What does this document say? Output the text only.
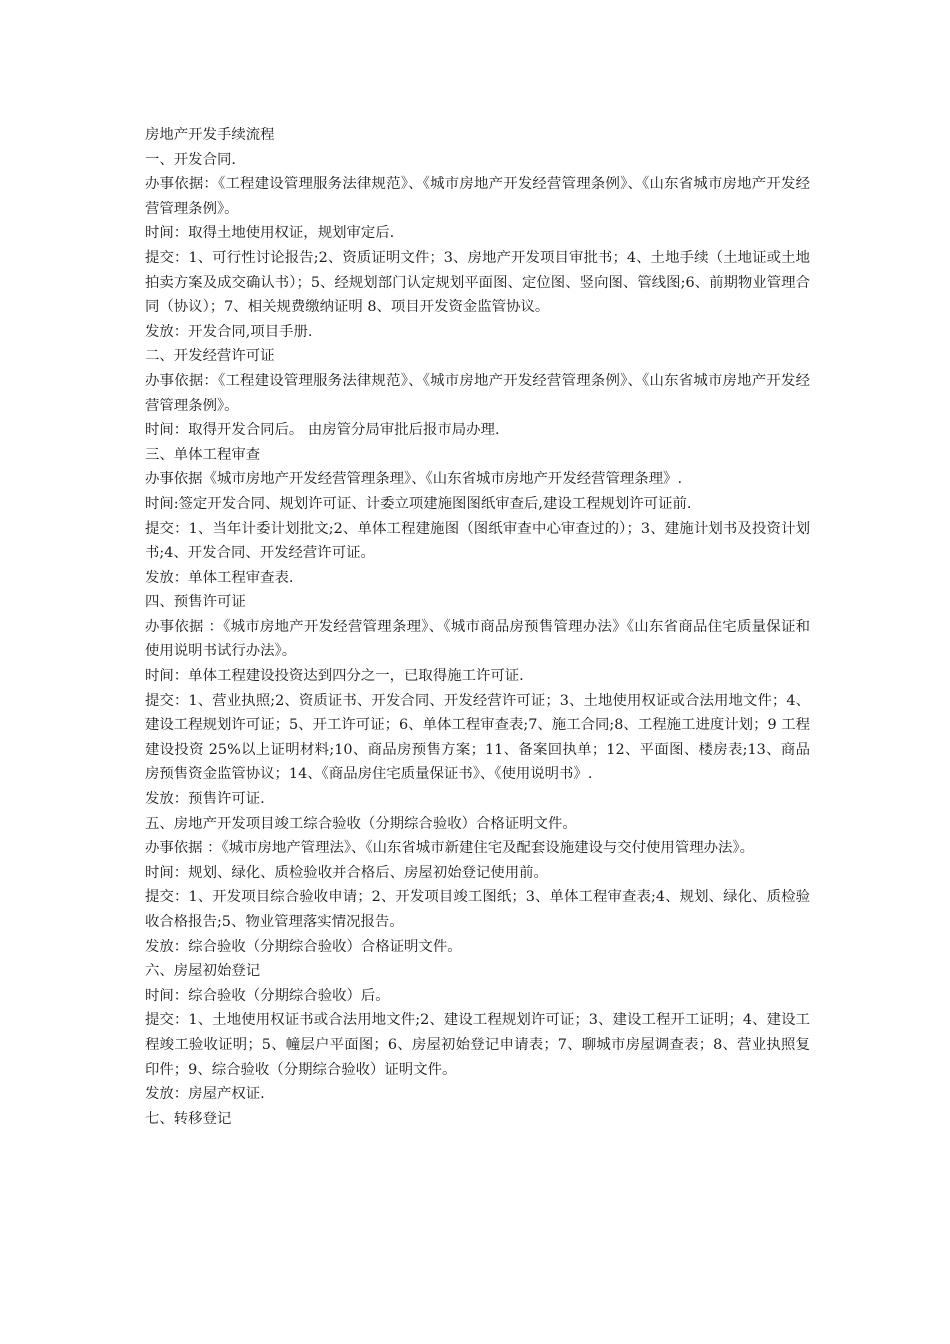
房地产开发手续流程

一、开发合同.

办事依据：《工程建设管理服务法律规范》、《城市房地产开发经营管理条例》、《山东省城市房地产开发经营管理条例》。

时间：取得土地使用权证，规划审定后.

提交：1、可行性讨论报告;2、资质证明文件；3、房地产开发项目审批书；4、土地手续（土地证或土地拍卖方案及成交确认书）；5、经规划部门认定规划平面图、定位图、竖向图、管线图;6、前期物业管理合同（协议）；7、相关规费缴纳证明 8、项目开发资金监管协议。

发放：开发合同,项目手册.

二、开发经营许可证

办事依据：《工程建设管理服务法律规范》、《城市房地产开发经营管理条例》、《山东省城市房地产开发经营管理条例》。

时间：取得开发合同后。 由房管分局审批后报市局办理.

三、单体工程审查

办事依据《城市房地产开发经营管理条理》、《山东省城市房地产开发经营管理条理》.

时间:签定开发合同、规划许可证、计委立项建施图图纸审查后,建设工程规划许可证前.

提交：1、当年计委计划批文;2、单体工程建施图（图纸审查中心审查过的）；3、建施计划书及投资计划书;4、开发合同、开发经营许可证。

发放：单体工程审查表.

四、预售许可证

办事依据 ：《城市房地产开发经营管理条理》、《城市商品房预售管理办法》《山东省商品住宅质量保证和使用说明书试行办法》。

时间：单体工程建设投资达到四分之一，已取得施工许可证.

提交：1、营业执照;2、资质证书、开发合同、开发经营许可证；3、土地使用权证或合法用地文件；4、建设工程规划许可证；5、开工许可证；6、单体工程审查表;7、施工合同;8、工程施工进度计划；9 工程建设投资 25%以上证明材料;10、商品房预售方案；11、备案回执单；12、平面图、楼房表;13、商品房预售资金监管协议；14、《商品房住宅质量保证书》、《使用说明书》.

发放：预售许可证.

五、房地产开发项目竣工综合验收（分期综合验收）合格证明文件。

办事依据 ：《城市房地产管理法》、《山东省城市新建住宅及配套设施建设与交付使用管理办法》。

时间：规划、绿化、质检验收并合格后、房屋初始登记使用前。

提交：1、开发项目综合验收申请；2、开发项目竣工图纸；3、单体工程审查表;4、规划、绿化、质检验收合格报告;5、物业管理落实情况报告。

发放：综合验收（分期综合验收）合格证明文件。

六、房屋初始登记

时间：综合验收（分期综合验收）后。

提交：1、土地使用权证书或合法用地文件;2、建设工程规划许可证；3、建设工程开工证明；4、建设工程竣工验收证明；5、幢层户平面图；6、房屋初始登记申请表；7、聊城市房屋调查表；8、营业执照复印件；9、综合验收（分期综合验收）证明文件。

发放：房屋产权证.

七、转移登记
